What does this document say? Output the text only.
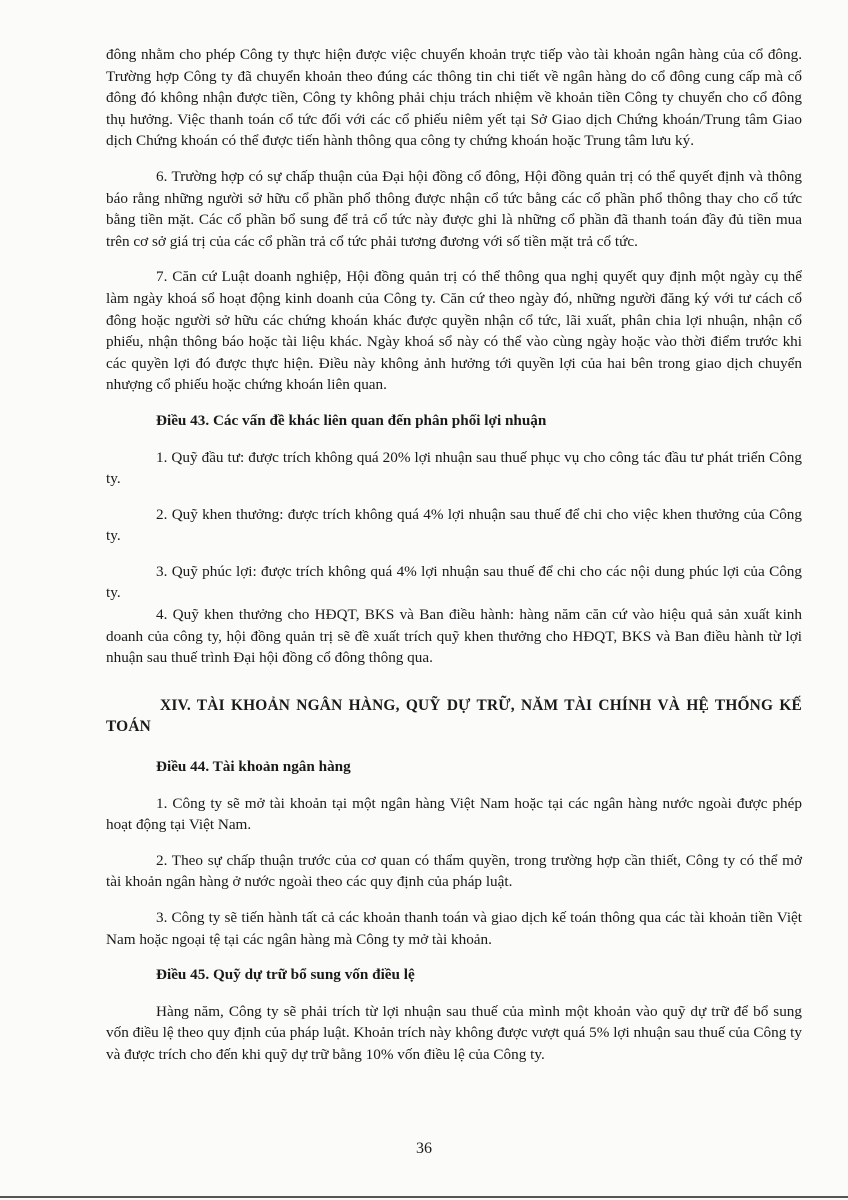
đông nhằm cho phép Công ty thực hiện được việc chuyển khoản trực tiếp vào tài khoản ngân hàng của cổ đông. Trường hợp Công ty đã chuyển khoản theo đúng các thông tin chi tiết về ngân hàng do cổ đông cung cấp mà cổ đông đó không nhận được tiền, Công ty không phải chịu trách nhiệm về khoản tiền Công ty chuyển cho cổ đông thụ hưởng. Việc thanh toán cổ tức đối với các cổ phiếu niêm yết tại Sở Giao dịch Chứng khoán/Trung tâm Giao dịch Chứng khoán có thể được tiến hành thông qua công ty chứng khoán hoặc Trung tâm lưu ký.

6. Trường hợp có sự chấp thuận của Đại hội đồng cổ đông, Hội đồng quản trị có thể quyết định và thông báo rằng những người sở hữu cổ phần phổ thông được nhận cổ tức bằng các cổ phần phổ thông thay cho cổ tức bằng tiền mặt. Các cổ phần bổ sung để trả cổ tức này được ghi là những cổ phần đã thanh toán đầy đủ tiền mua trên cơ sở giá trị của các cổ phần trả cổ tức phải tương đương với số tiền mặt trả cổ tức.

7. Căn cứ Luật doanh nghiệp, Hội đồng quản trị có thể thông qua nghị quyết quy định một ngày cụ thể làm ngày khoá sổ hoạt động kinh doanh của Công ty. Căn cứ theo ngày đó, những người đăng ký với tư cách cổ đông hoặc người sở hữu các chứng khoán khác được quyền nhận cổ tức, lãi xuất, phân chia lợi nhuận, nhận cổ phiếu, nhận thông báo hoặc tài liệu khác. Ngày khoá sổ này có thể vào cùng ngày hoặc vào thời điểm trước khi các quyền lợi đó được thực hiện. Điều này không ảnh hưởng tới quyền lợi của hai bên trong giao dịch chuyển nhượng cổ phiếu hoặc chứng khoán liên quan.

Điều 43. Các vấn đề khác liên quan đến phân phối lợi nhuận

1. Quỹ đầu tư: được trích không quá 20% lợi nhuận sau thuế phục vụ cho công tác đầu tư phát triển Công ty.

2. Quỹ khen thưởng: được trích không quá 4% lợi nhuận sau thuế để chi cho việc khen thưởng của Công ty.

3. Quỹ phúc lợi: được trích không quá 4% lợi nhuận sau thuế để chi cho các nội dung phúc lợi của Công ty.

4. Quỹ khen thưởng cho HĐQT, BKS và Ban điều hành: hàng năm căn cứ vào hiệu quả sản xuất kinh doanh của công ty, hội đồng quản trị sẽ đề xuất trích quỹ khen thưởng cho HĐQT, BKS và Ban điều hành từ lợi nhuận sau thuế trình Đại hội đồng cổ đông thông qua.

XIV. TÀI KHOẢN NGÂN HÀNG, QUỸ DỰ TRỮ, NĂM TÀI CHÍNH VÀ HỆ THỐNG KẾ TOÁN

Điều 44. Tài khoản ngân hàng

1. Công ty sẽ mở tài khoản tại một ngân hàng Việt Nam hoặc tại các ngân hàng nước ngoài được phép hoạt động tại Việt Nam.

2. Theo sự chấp thuận trước của cơ quan có thẩm quyền, trong trường hợp cần thiết, Công ty có thể mở tài khoản ngân hàng ở nước ngoài theo các quy định của pháp luật.

3. Công ty sẽ tiến hành tất cả các khoản thanh toán và giao dịch kế toán thông qua các tài khoản tiền Việt Nam hoặc ngoại tệ tại các ngân hàng mà Công ty mở tài khoản.

Điều 45. Quỹ dự trữ bổ sung vốn điều lệ

Hàng năm, Công ty sẽ phải trích từ lợi nhuận sau thuế của mình một khoản vào quỹ dự trữ để bổ sung vốn điều lệ theo quy định của pháp luật. Khoản trích này không được vượt quá 5% lợi nhuận sau thuế của Công ty và được trích cho đến khi quỹ dự trữ bằng 10% vốn điều lệ của Công ty.

36
